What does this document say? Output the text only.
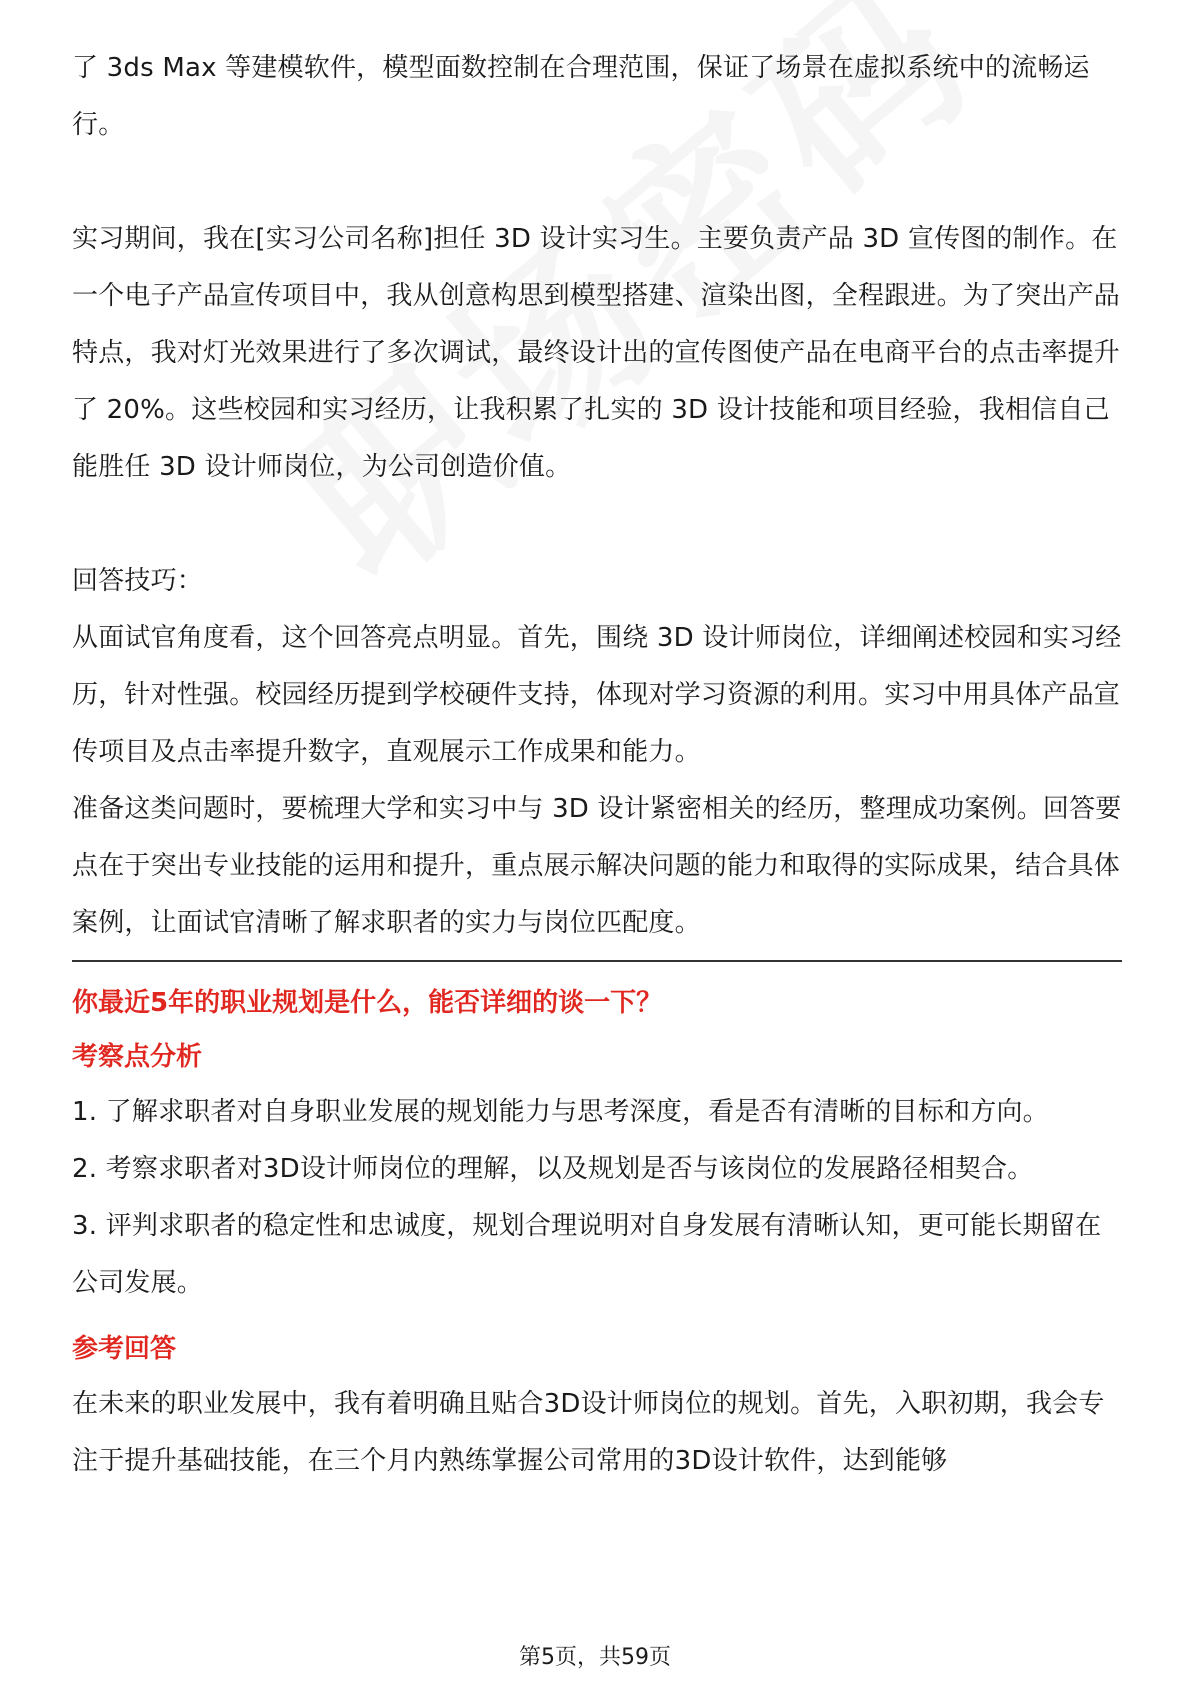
了 3ds Max 等建模软件，模型面数控制在合理范围，保证了场景在虚拟系统中的流畅运行。

实习期间，我在[实习公司名称]担任 3D 设计实习生。主要负责产品 3D 宣传图的制作。在一个电子产品宣传项目中，我从创意构思到模型搭建、渲染出图，全程跟进。为了突出产品特点，我对灯光效果进行了多次调试，最终设计出的宣传图使产品在电商平台的点击率提升了 20%。这些校园和实习经历，让我积累了扎实的 3D 设计技能和项目经验，我相信自己能胜任 3D 设计师岗位，为公司创造价值。

回答技巧：

从面试官角度看，这个回答亮点明显。首先，围绕 3D 设计师岗位，详细阐述校园和实习经历，针对性强。校园经历提到学校硬件支持，体现对学习资源的利用。实习中用具体产品宣传项目及点击率提升数字，直观展示工作成果和能力。

准备这类问题时，要梳理大学和实习中与 3D 设计紧密相关的经历，整理成功案例。回答要点在于突出专业技能的运用和提升，重点展示解决问题的能力和取得的实际成果，结合具体案例，让面试官清晰了解求职者的实力与岗位匹配度。

你最近5年的职业规划是什么，能否详细的谈一下？
考察点分析

1. 了解求职者对自身职业发展的规划能力与思考深度，看是否有清晰的目标和方向。

2. 考察求职者对3D设计师岗位的理解，以及规划是否与该岗位的发展路径相契合。

3. 评判求职者的稳定性和忠诚度，规划合理说明对自身发展有清晰认知，更可能长期留在公司发展。

参考回答

在未来的职业发展中，我有着明确且贴合3D设计师岗位的规划。首先，入职初期，我会专注于提升基础技能，在三个月内熟练掌握公司常用的3D设计软件，达到能够

第5页，共59页
